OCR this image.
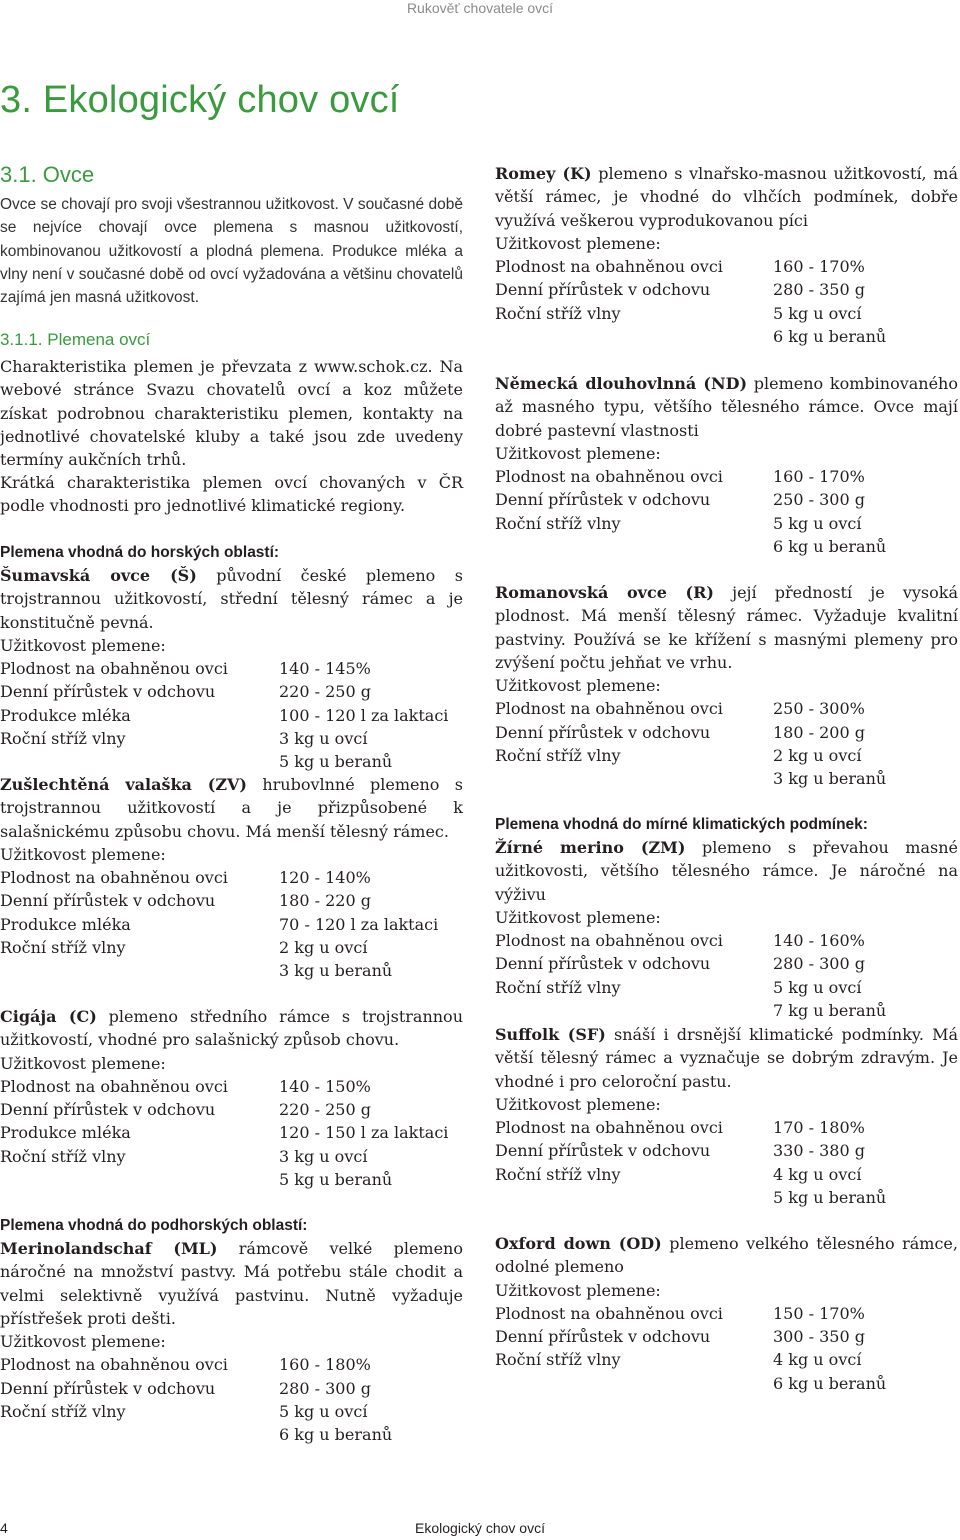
Rukověť chovatele ovcí
3. Ekologický chov ovcí
3.1. Ovce

Ovce se chovají pro svoji všestrannou užitkovost. V současné době se nejvíce chovají ovce plemena s masnou užitkovostí, kombinovanou užitkovostí a plodná plemena. Produkce mléka a vlny není v současné době od ovcí vyžadována a většinu chovatelů zajímá jen masná užitkovost.

3.1.1. Plemena ovcí

Charakteristika plemen je převzata z www.schok.cz. Na webové stránce Svazu chovatelů ovcí a koz můžete získat podrobnou charakteristiku plemen, kontakty na jednotlivé chovatelské kluby a také jsou zde uvedeny termíny aukčních trhů.

Krátká charakteristika plemen ovcí chovaných v ČR podle vhodnosti pro jednotlivé klimatické regiony.

Plemena vhodná do horských oblastí:

Šumavská ovce (Š) původní české plemeno s trojstrannou užitkovostí, střední tělesný rámec a je konstitučně pevná.

Užitkovost plemene:

Plodnost na obahněnou ovci	140 - 145%
Denní přírůstek v odchovu	220 - 250 g
Produkce mléka	100 - 120 l za laktaci
Roční stříž vlny	3 kg u ovcí
5 kg u beranů

Zušlechtěná valaška (ZV) hrubovlnné plemeno s trojstrannou užitkovostí a je přizpůsobené k salašnickému způsobu chovu. Má menší tělesný rámec.

Užitkovost plemene:

Plodnost na obahněnou ovci	120 - 140%
Denní přírůstek v odchovu	180 - 220 g
Produkce mléka	70 - 120 l za laktaci
Roční stříž vlny	2 kg u ovcí
3 kg u beranů

Cigája (C) plemeno středního rámce s trojstrannou užitkovostí, vhodné pro salašnický způsob chovu.

Užitkovost plemene:

Plodnost na obahněnou ovci	140 - 150%
Denní přírůstek v odchovu	220 - 250 g
Produkce mléka	120 - 150 l za laktaci
Roční stříž vlny	3 kg u ovcí
5 kg u beranů
Plemena vhodná do podhorských oblastí:

Merinolandschaf (ML) rámcově velké plemeno náročné na množství pastvy. Má potřebu stále chodit a velmi selektivně využívá pastvinu. Nutně vyžaduje přístřešek proti dešti.

Užitkovost plemene:

Plodnost na obahněnou ovci	160 - 180%
Denní přírůstek v odchovu	280 - 300 g
Roční stříž vlny	5 kg u ovcí
6 kg u beranů

Romey (K) plemeno s vlnařsko-masnou užitkovostí, má větší rámec, je vhodné do vlhčích podmínek, dobře využívá veškerou vyprodukovanou píci

Užitkovost plemene:

Plodnost na obahněnou ovci	160 - 170%
Denní přírůstek v odchovu	280 - 350 g
Roční stříž vlny	5 kg u ovcí
6 kg u beranů

Německá dlouhovlnná (ND) plemeno kombinovaného až masného typu, většího tělesného rámce. Ovce mají dobré pastevní vlastnosti

Užitkovost plemene:

Plodnost na obahněnou ovci	160 - 170%
Denní přírůstek v odchovu	250 - 300 g
Roční stříž vlny	5 kg u ovcí
6 kg u beranů

Romanovská ovce (R) její předností je vysoká plodnost. Má menší tělesný rámec. Vyžaduje kvalitní pastviny. Používá se ke křížení s masnými plemeny pro zvýšení počtu jehňat ve vrhu.

Užitkovost plemene:

Plodnost na obahněnou ovci	250 - 300%
Denní přírůstek v odchovu	180 - 200 g
Roční stříž vlny	2 kg u ovcí
3 kg u beranů
Plemena vhodná do mírné klimatických podmínek:

Žírné merino (ZM) plemeno s převahou masné užitkovosti, většího tělesného rámce. Je náročné na výživu

Užitkovost plemene:

Plodnost na obahněnou ovci	140 - 160%
Denní přírůstek v odchovu	280 - 300 g
Roční stříž vlny	5 kg u ovcí
7 kg u beranů

Suffolk (SF) snáší i drsnější klimatické podmínky. Má větší tělesný rámec a vyznačuje se dobrým zdravým. Je vhodné i pro celoroční pastu.

Užitkovost plemene:

Plodnost na obahněnou ovci	170 - 180%
Denní přírůstek v odchovu	330 - 380 g
Roční stříž vlny	4 kg u ovcí
5 kg u beranů

Oxford down (OD) plemeno velkého tělesného rámce, odolné plemeno

Užitkovost plemene:

Plodnost na obahněnou ovci	150 - 170%
Denní přírůstek v odchovu	300 - 350 g
Roční stříž vlny	4 kg u ovcí
6 kg u beranů
Ekologický chov ovcí
4
